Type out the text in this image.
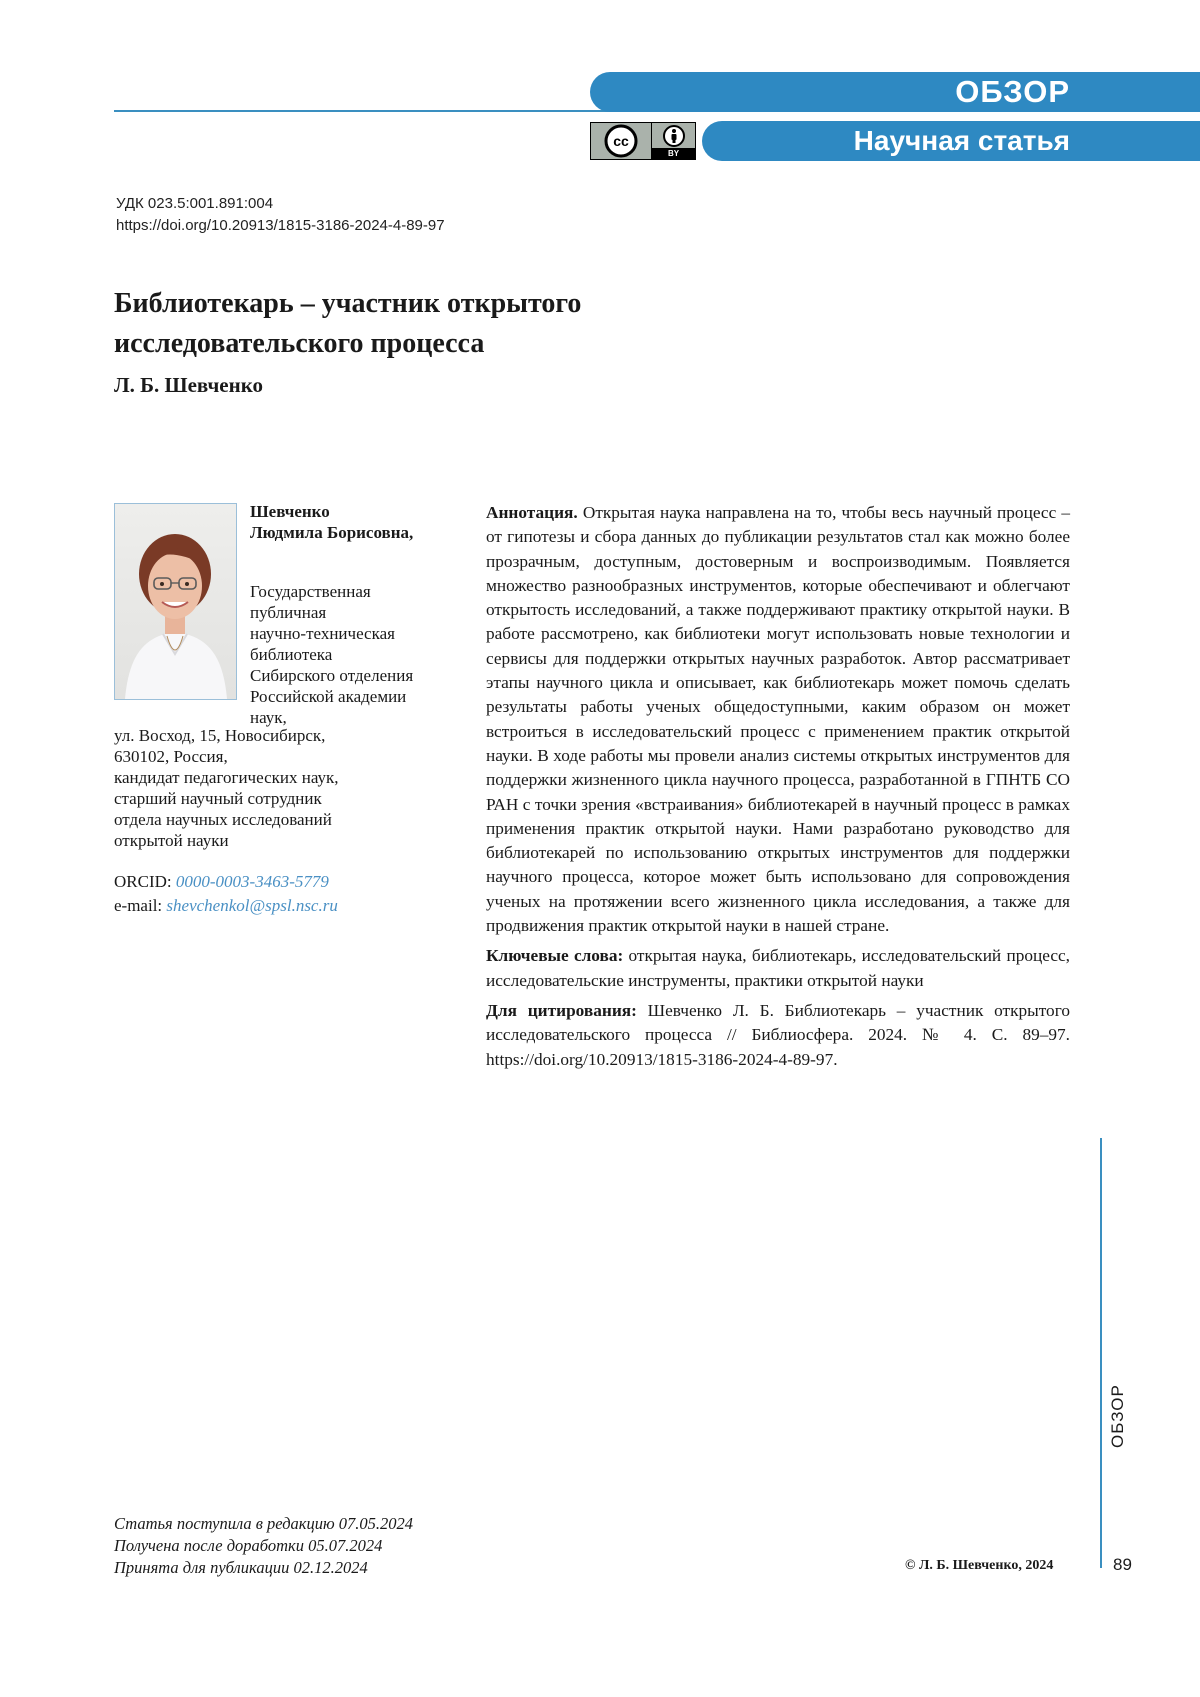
ОБЗОР
Научная статья
cc
BY
УДК 023.5:001.891:004
https://doi.org/10.20913/1815-3186-2024-4-89-97
Библиотекарь – участник открытого
исследовательского процесса
Л. Б. Шевченко
Шевченко
Людмила Борисовна,
Государственная
публичная
научно-техническая
библиотека
Сибирского отделения
Российской академии
наук,
ул. Восход, 15, Новосибирск,
630102, Россия,
кандидат педагогических наук,
старший научный сотрудник
отдела научных исследований
открытой науки
ORCID: 0000-0003-3463-5779
e-mail: shevchenkol@spsl.nsc.ru

Аннотация. Открытая наука направлена на то, чтобы весь научный процесс – от гипотезы и сбора данных до публикации результатов стал как можно более прозрачным, доступным, достоверным и воспроизводимым. Появляется множество разнообразных инструментов, которые обеспечивают и облегчают открытость исследований, а также поддерживают практику открытой науки. В работе рассмотрено, как библиотеки могут использовать новые технологии и сервисы для поддержки открытых научных разработок. Автор рассматривает этапы научного цикла и описывает, как библиотекарь может помочь сделать результаты работы ученых общедоступными, каким образом он может встроиться в исследовательский процесс с применением практик открытой науки. В ходе работы мы провели анализ системы открытых инструментов для поддержки жизненного цикла научного процесса, разработанной в ГПНТБ СО РАН с точки зрения «встраивания» библиотекарей в научный процесс в рамках применения практик открытой науки. Нами разработано руководство для библиотекарей по использованию открытых инструментов для поддержки научного процесса, которое может быть использовано для сопровождения ученых на протяжении всего жизненного цикла исследования, а также для продвижения практик открытой науки в нашей стране.

Ключевые слова: открытая наука, библиотекарь, исследовательский процесс, исследовательские инструменты, практики открытой науки

Для цитирования: Шевченко Л. Б. Библиотекарь – участник открытого исследовательского процесса // Библиосфера. 2024. № 4. С. 89–97. https://doi.org/10.20913/1815-3186-2024-4-89-97.

ОБЗОР
Статья поступила в редакцию 07.05.2024
Получена после доработки 05.07.2024
Принята для публикации 02.12.2024	© Л. Б. Шевченко, 2024	89
